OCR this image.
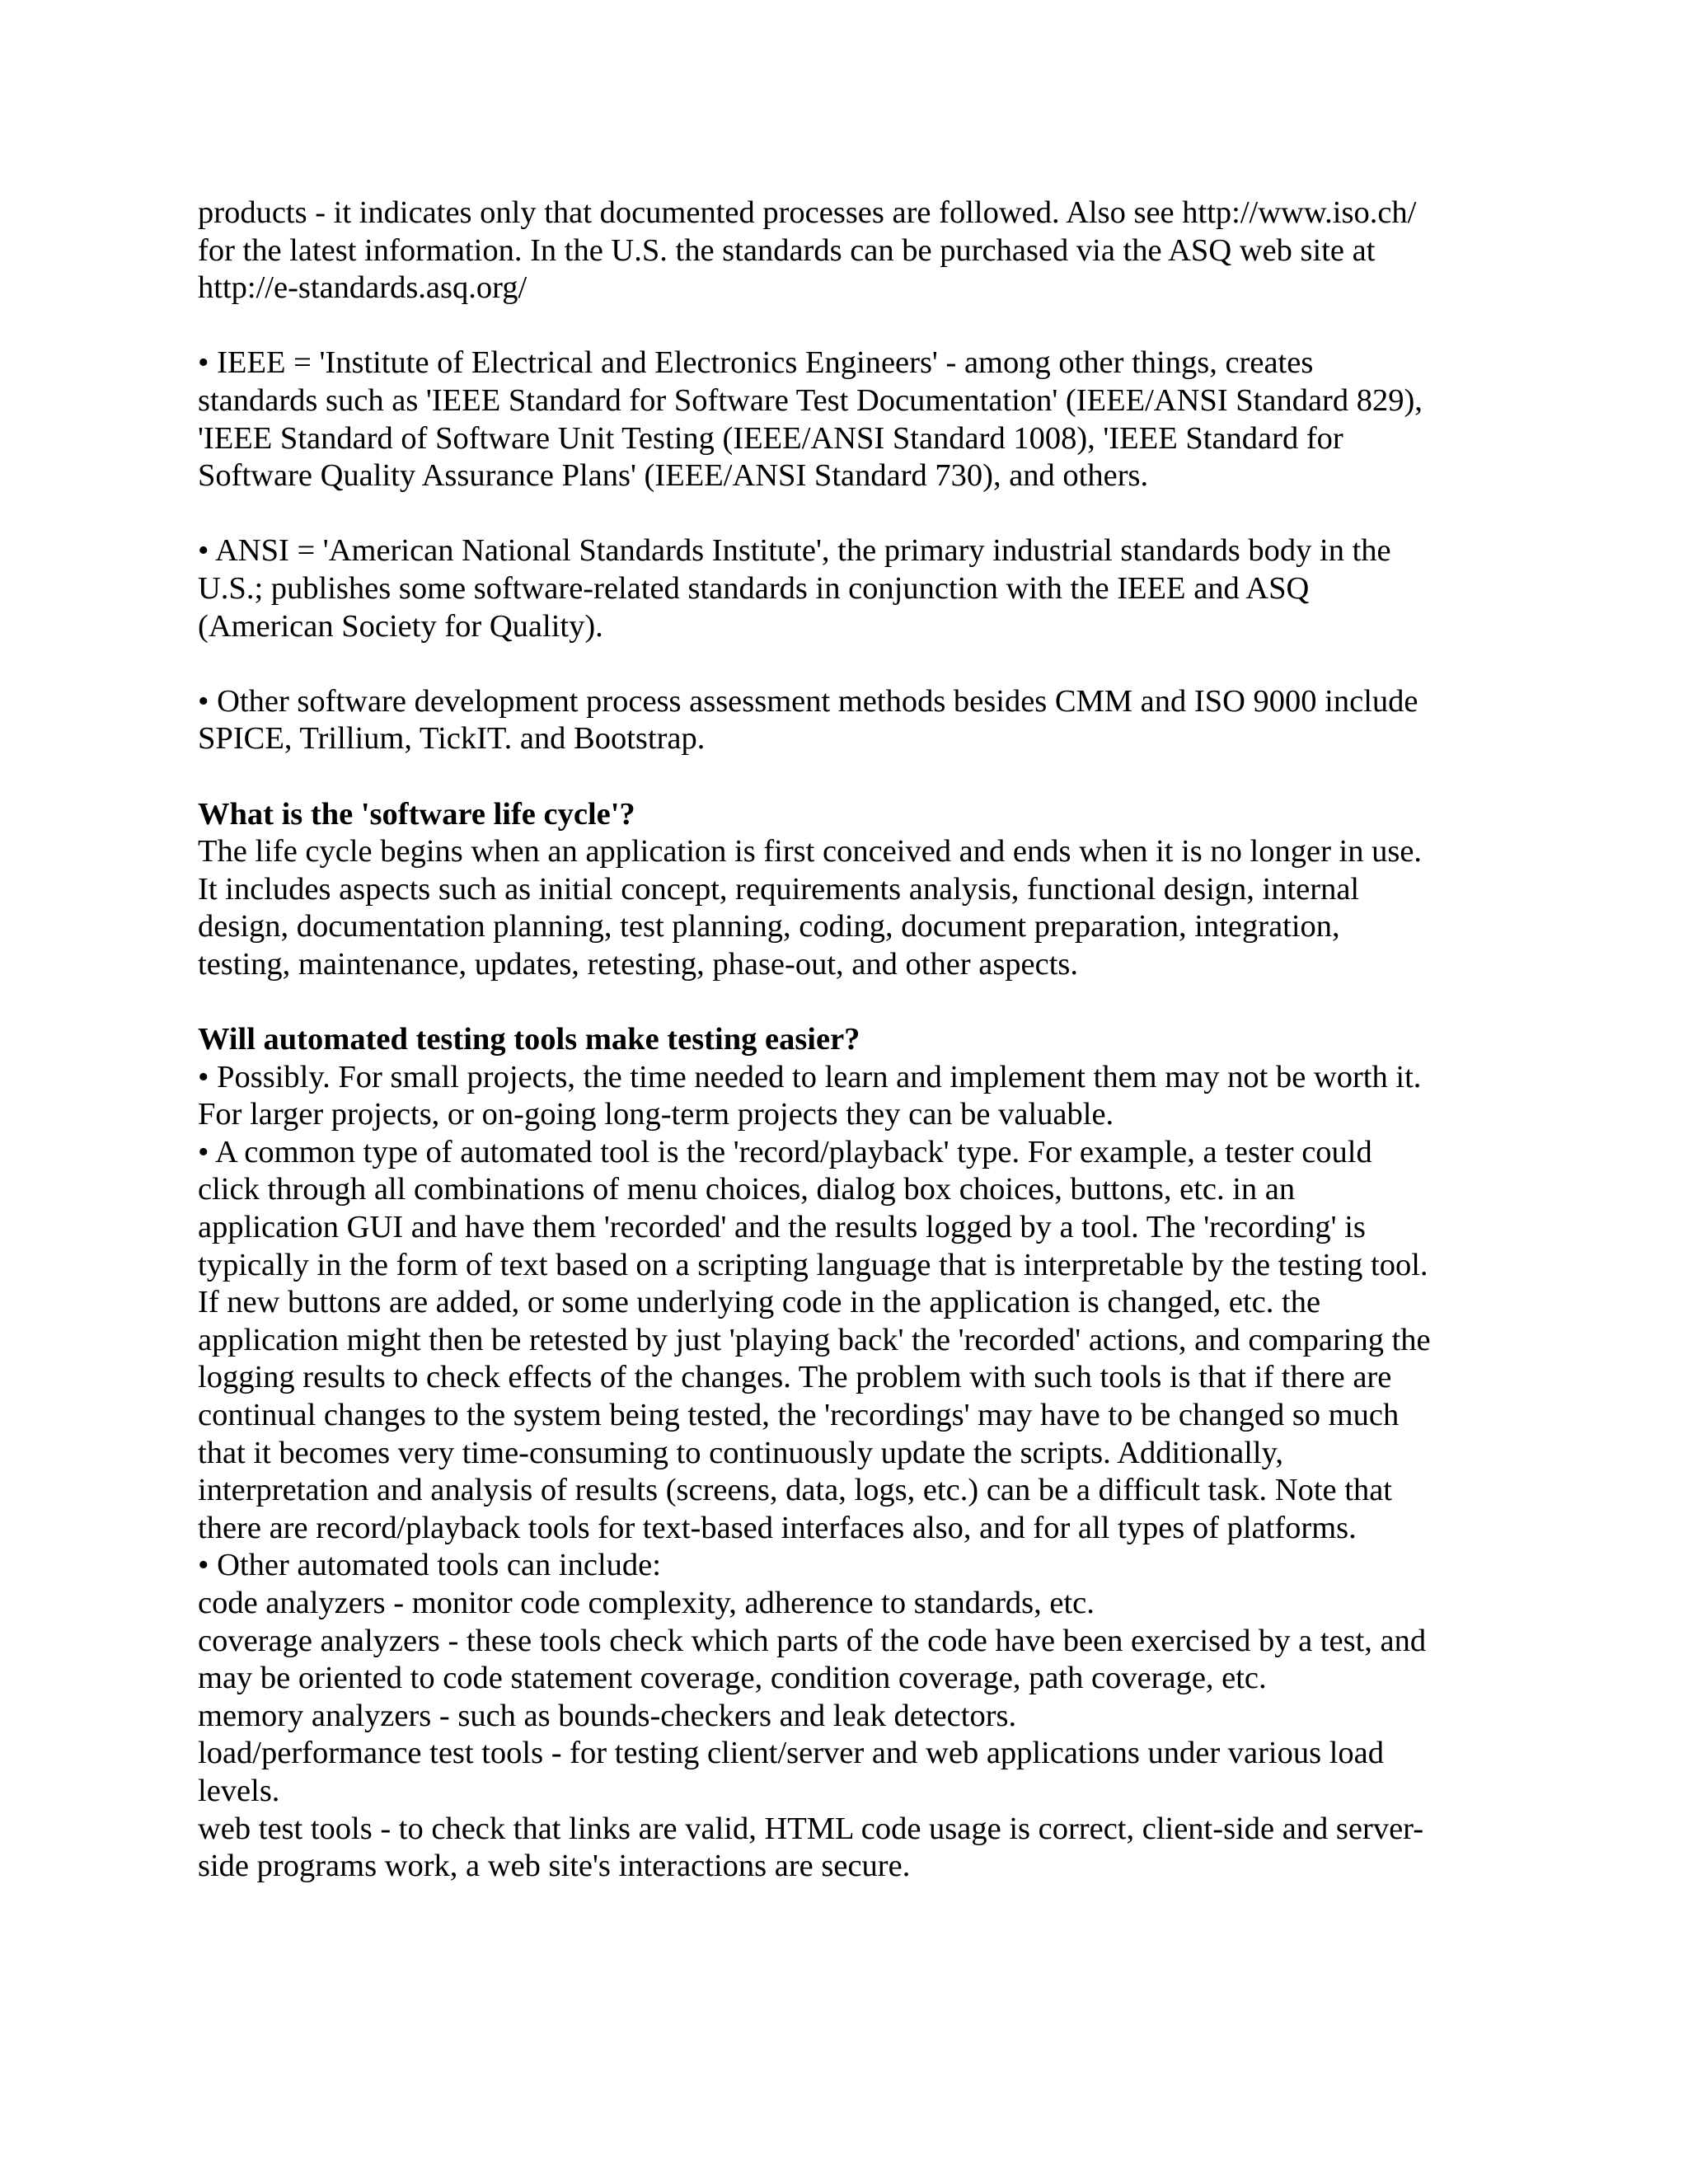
products - it indicates only that documented processes are followed. Also see http://www.iso.ch/
for the latest information. In the U.S. the standards can be purchased via the ASQ web site at
http://e-standards.asq.org/
• IEEE = 'Institute of Electrical and Electronics Engineers' - among other things, creates
standards such as 'IEEE Standard for Software Test Documentation' (IEEE/ANSI Standard 829),
'IEEE Standard of Software Unit Testing (IEEE/ANSI Standard 1008), 'IEEE Standard for
Software Quality Assurance Plans' (IEEE/ANSI Standard 730), and others.
• ANSI = 'American National Standards Institute', the primary industrial standards body in the
U.S.; publishes some software-related standards in conjunction with the IEEE and ASQ
(American Society for Quality).
• Other software development process assessment methods besides CMM and ISO 9000 include
SPICE, Trillium, TickIT. and Bootstrap.
What is the 'software life cycle'?
The life cycle begins when an application is first conceived and ends when it is no longer in use.
It includes aspects such as initial concept, requirements analysis, functional design, internal
design, documentation planning, test planning, coding, document preparation, integration,
testing, maintenance, updates, retesting, phase-out, and other aspects.
Will automated testing tools make testing easier?
• Possibly. For small projects, the time needed to learn and implement them may not be worth it.
For larger projects, or on-going long-term projects they can be valuable.
• A common type of automated tool is the 'record/playback' type. For example, a tester could
click through all combinations of menu choices, dialog box choices, buttons, etc. in an
application GUI and have them 'recorded' and the results logged by a tool. The 'recording' is
typically in the form of text based on a scripting language that is interpretable by the testing tool.
If new buttons are added, or some underlying code in the application is changed, etc. the
application might then be retested by just 'playing back' the 'recorded' actions, and comparing the
logging results to check effects of the changes. The problem with such tools is that if there are
continual changes to the system being tested, the 'recordings' may have to be changed so much
that it becomes very time-consuming to continuously update the scripts. Additionally,
interpretation and analysis of results (screens, data, logs, etc.) can be a difficult task. Note that
there are record/playback tools for text-based interfaces also, and for all types of platforms.
• Other automated tools can include:
code analyzers - monitor code complexity, adherence to standards, etc.
coverage analyzers - these tools check which parts of the code have been exercised by a test, and
may be oriented to code statement coverage, condition coverage, path coverage, etc.
memory analyzers - such as bounds-checkers and leak detectors.
load/performance test tools - for testing client/server and web applications under various load
levels.
web test tools - to check that links are valid, HTML code usage is correct, client-side and server-
side programs work, a web site's interactions are secure.
